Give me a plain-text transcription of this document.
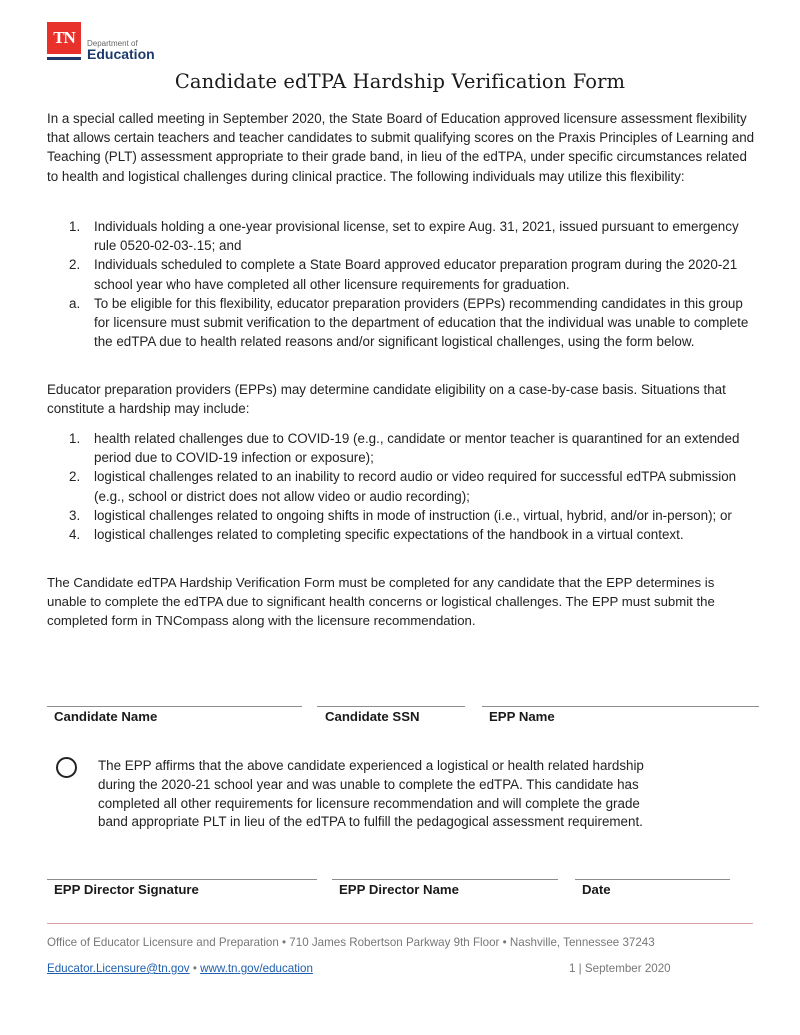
TN	Department of
Education
Candidate edTPA Hardship Verification Form
In a special called meeting in September 2020, the State Board of Education approved licensure assessment flexibility that allows certain teachers and teacher candidates to submit qualifying scores on the Praxis Principles of Learning and Teaching (PLT) assessment appropriate to their grade band, in lieu of the edTPA, under specific circumstances related to health and logistical challenges during clinical practice. The following individuals may utilize this flexibility:
1. Individuals holding a one-year provisional license, set to expire Aug. 31, 2021, issued pursuant to emergency rule 0520-02-03-.15; and
2. Individuals scheduled to complete a State Board approved educator preparation program during the 2020-21 school year who have completed all other licensure requirements for graduation.
a. To be eligible for this flexibility, educator preparation providers (EPPs) recommending candidates in this group for licensure must submit verification to the department of education that the individual was unable to complete the edTPA due to health related reasons and/or significant logistical challenges, using the form below.
Educator preparation providers (EPPs) may determine candidate eligibility on a case-by-case basis. Situations that constitute a hardship may include:
1. health related challenges due to COVID-19 (e.g., candidate or mentor teacher is quarantined for an extended period due to COVID-19 infection or exposure);
2. logistical challenges related to an inability to record audio or video required for successful edTPA submission (e.g., school or district does not allow video or audio recording);
3. logistical challenges related to ongoing shifts in mode of instruction (i.e., virtual, hybrid, and/or in-person); or
4. logistical challenges related to completing specific expectations of the handbook in a virtual context.
The Candidate edTPA Hardship Verification Form must be completed for any candidate that the EPP determines is unable to complete the edTPA due to significant health concerns or logistical challenges. The EPP must submit the completed form in TNCompass along with the licensure recommendation.
Candidate Name	Candidate SSN	EPP Name
The EPP affirms that the above candidate experienced a logistical or health related hardship during the 2020-21 school year and was unable to complete the edTPA. This candidate has completed all other requirements for licensure recommendation and will complete the grade band appropriate PLT in lieu of the edTPA to fulfill the pedagogical assessment requirement.
EPP Director Signature	EPP Director Name	Date
Office of Educator Licensure and Preparation • 710 James Robertson Parkway 9th Floor • Nashville, Tennessee 37243
Educator.Licensure@tn.gov • www.tn.gov/education	1 | September 2020
